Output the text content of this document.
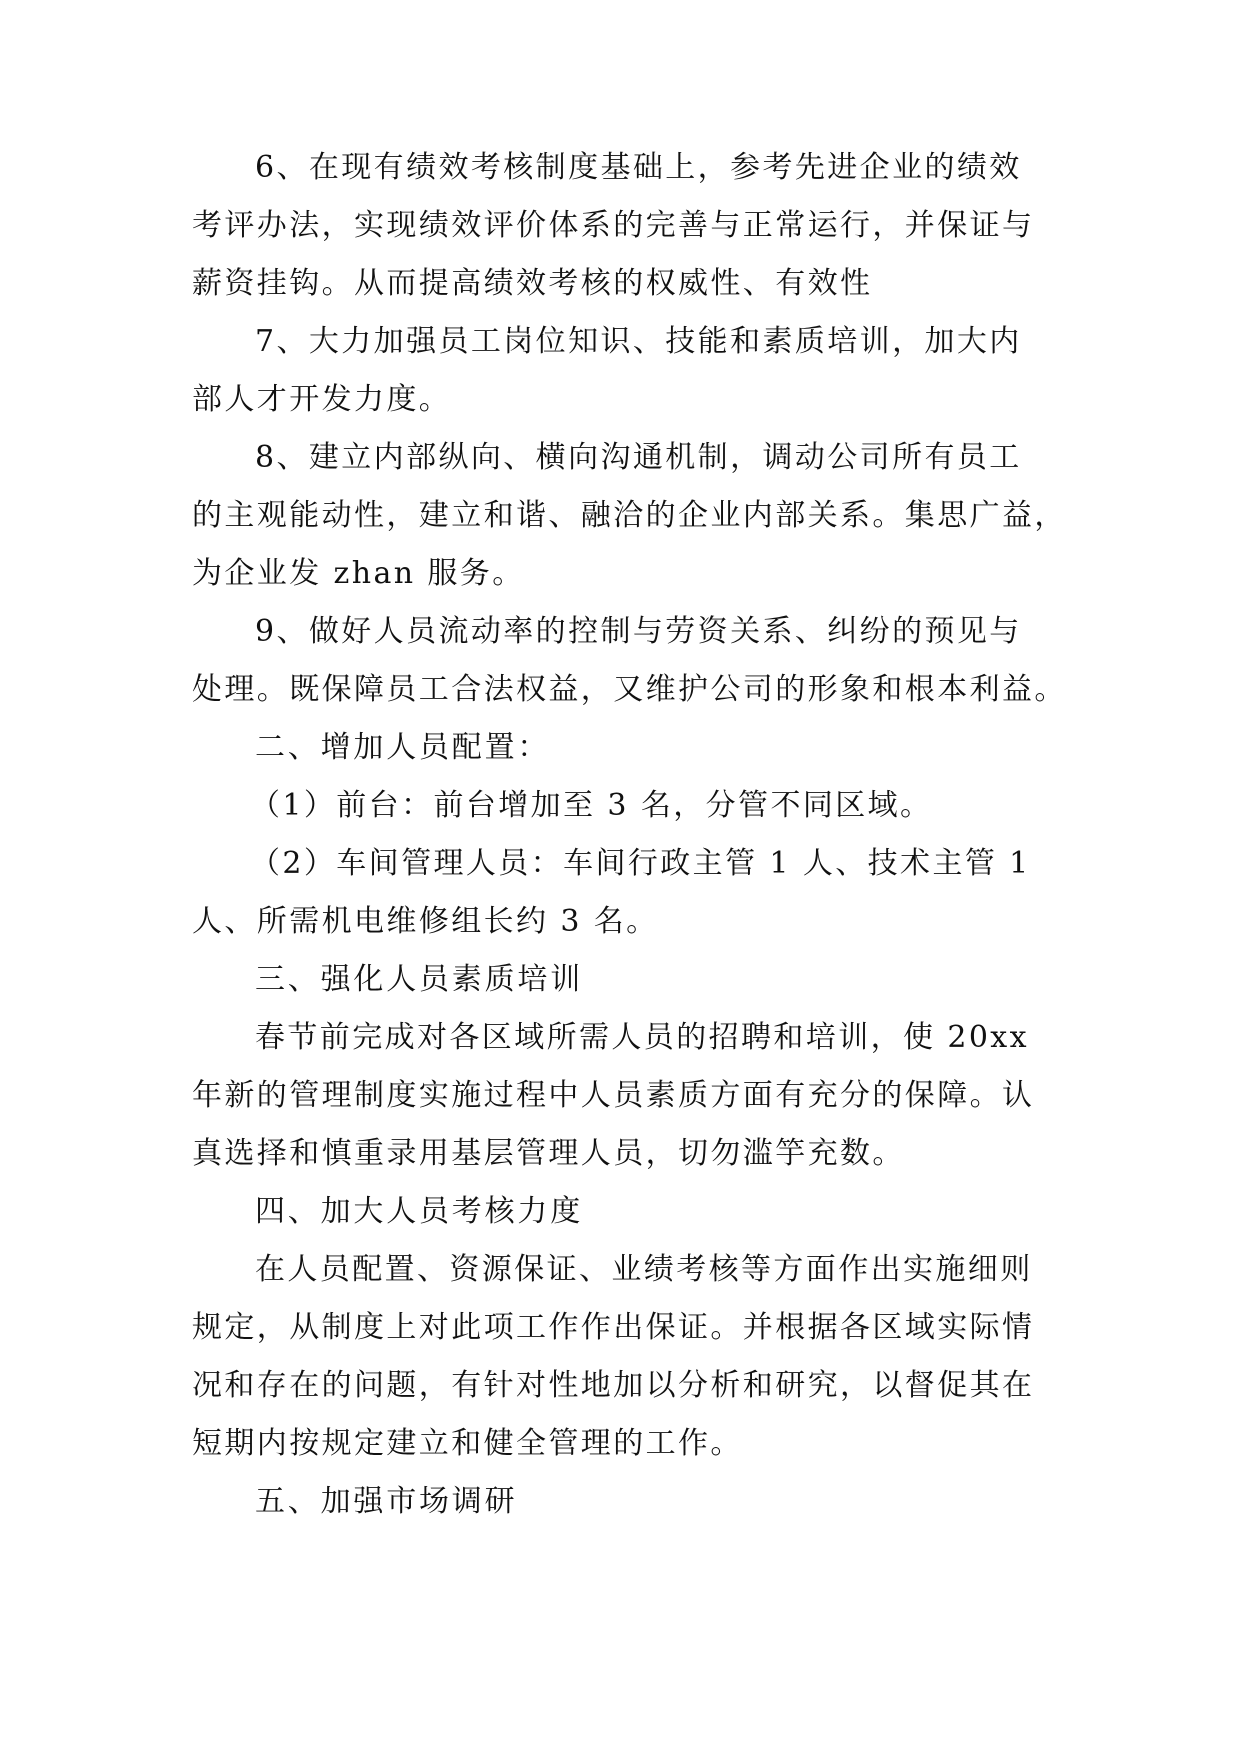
6、在现有绩效考核制度基础上，参考先进企业的绩效
考评办法，实现绩效评价体系的完善与正常运行，并保证与
薪资挂钩。从而提高绩效考核的权威性、有效性
7、大力加强员工岗位知识、技能和素质培训，加大内
部人才开发力度。
8、建立内部纵向、横向沟通机制，调动公司所有员工
的主观能动性，建立和谐、融洽的企业内部关系。集思广益，
为企业发 zhan 服务。
9、做好人员流动率的控制与劳资关系、纠纷的预见与
处理。既保障员工合法权益，又维护公司的形象和根本利益。
二、增加人员配置：
（1）前台：前台增加至 3 名，分管不同区域。
（2）车间管理人员：车间行政主管 1 人、技术主管 1
人、所需机电维修组长约 3 名。
三、强化人员素质培训
春节前完成对各区域所需人员的招聘和培训，使 20xx
年新的管理制度实施过程中人员素质方面有充分的保障。认
真选择和慎重录用基层管理人员，切勿滥竽充数。
四、加大人员考核力度
在人员配置、资源保证、业绩考核等方面作出实施细则
规定，从制度上对此项工作作出保证。并根据各区域实际情
况和存在的问题，有针对性地加以分析和研究，以督促其在
短期内按规定建立和健全管理的工作。
五、加强市场调研
